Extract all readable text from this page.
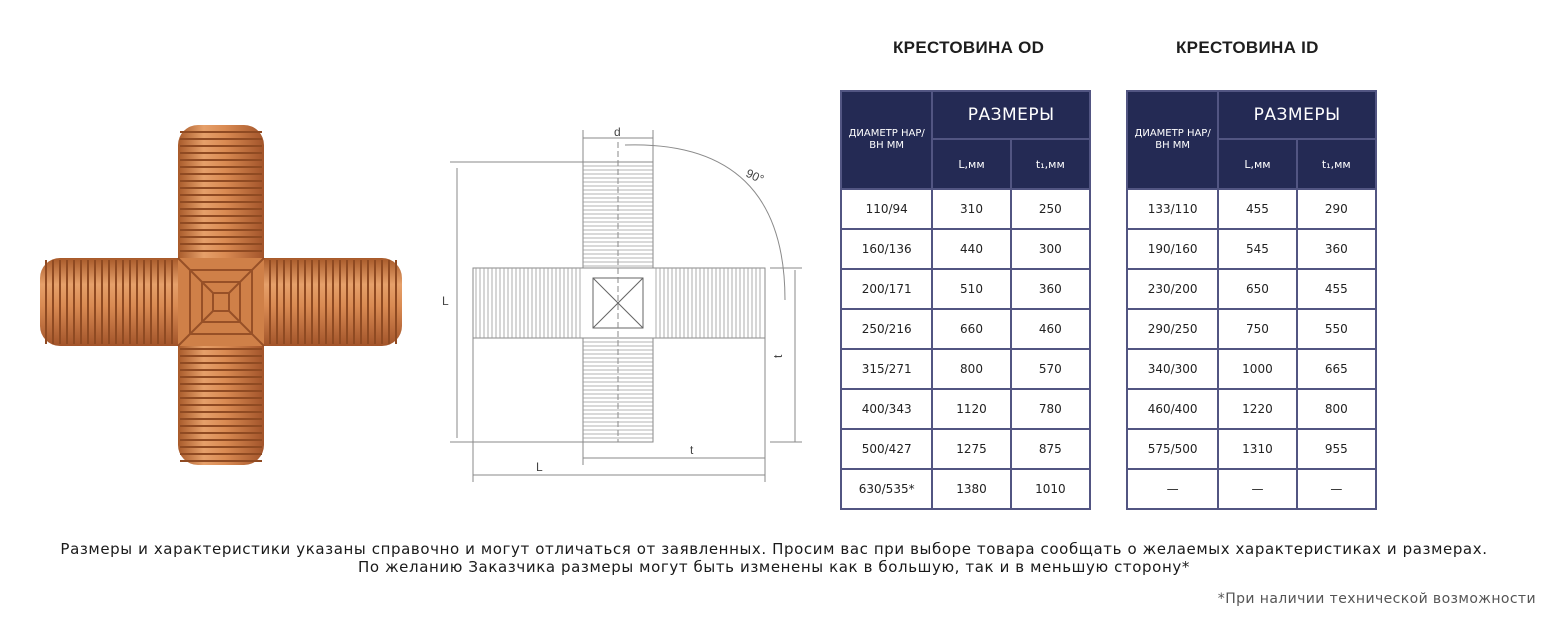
d
90°
L
L
t
t
КРЕСТОВИНА OD
ДИАМЕТР НАР/ВН ММ	РАЗМЕРЫ	
	L,мм	t₁,мм
110/94	310	250
160/136	440	300
200/171	510	360
250/216	660	460
315/271	800	570
400/343	1120	780
500/427	1275	875
630/535*	1380	1010
КРЕСТОВИНА ID
ДИАМЕТР НАР/ВН ММ	РАЗМЕРЫ	
	L,мм	t₁,мм
133/110	455	290
190/160	545	360
230/200	650	455
290/250	750	550
340/300	1000	665
460/400	1220	800
575/500	1310	955
—	—	—
Размеры и характеристики указаны справочно и могут отличаться от заявленных. Просим вас при выборе товара сообщать о желаемых характеристиках и размерах.
По желанию Заказчика размеры могут быть изменены как в большую, так и в меньшую сторону*
*При наличии технической возможности
